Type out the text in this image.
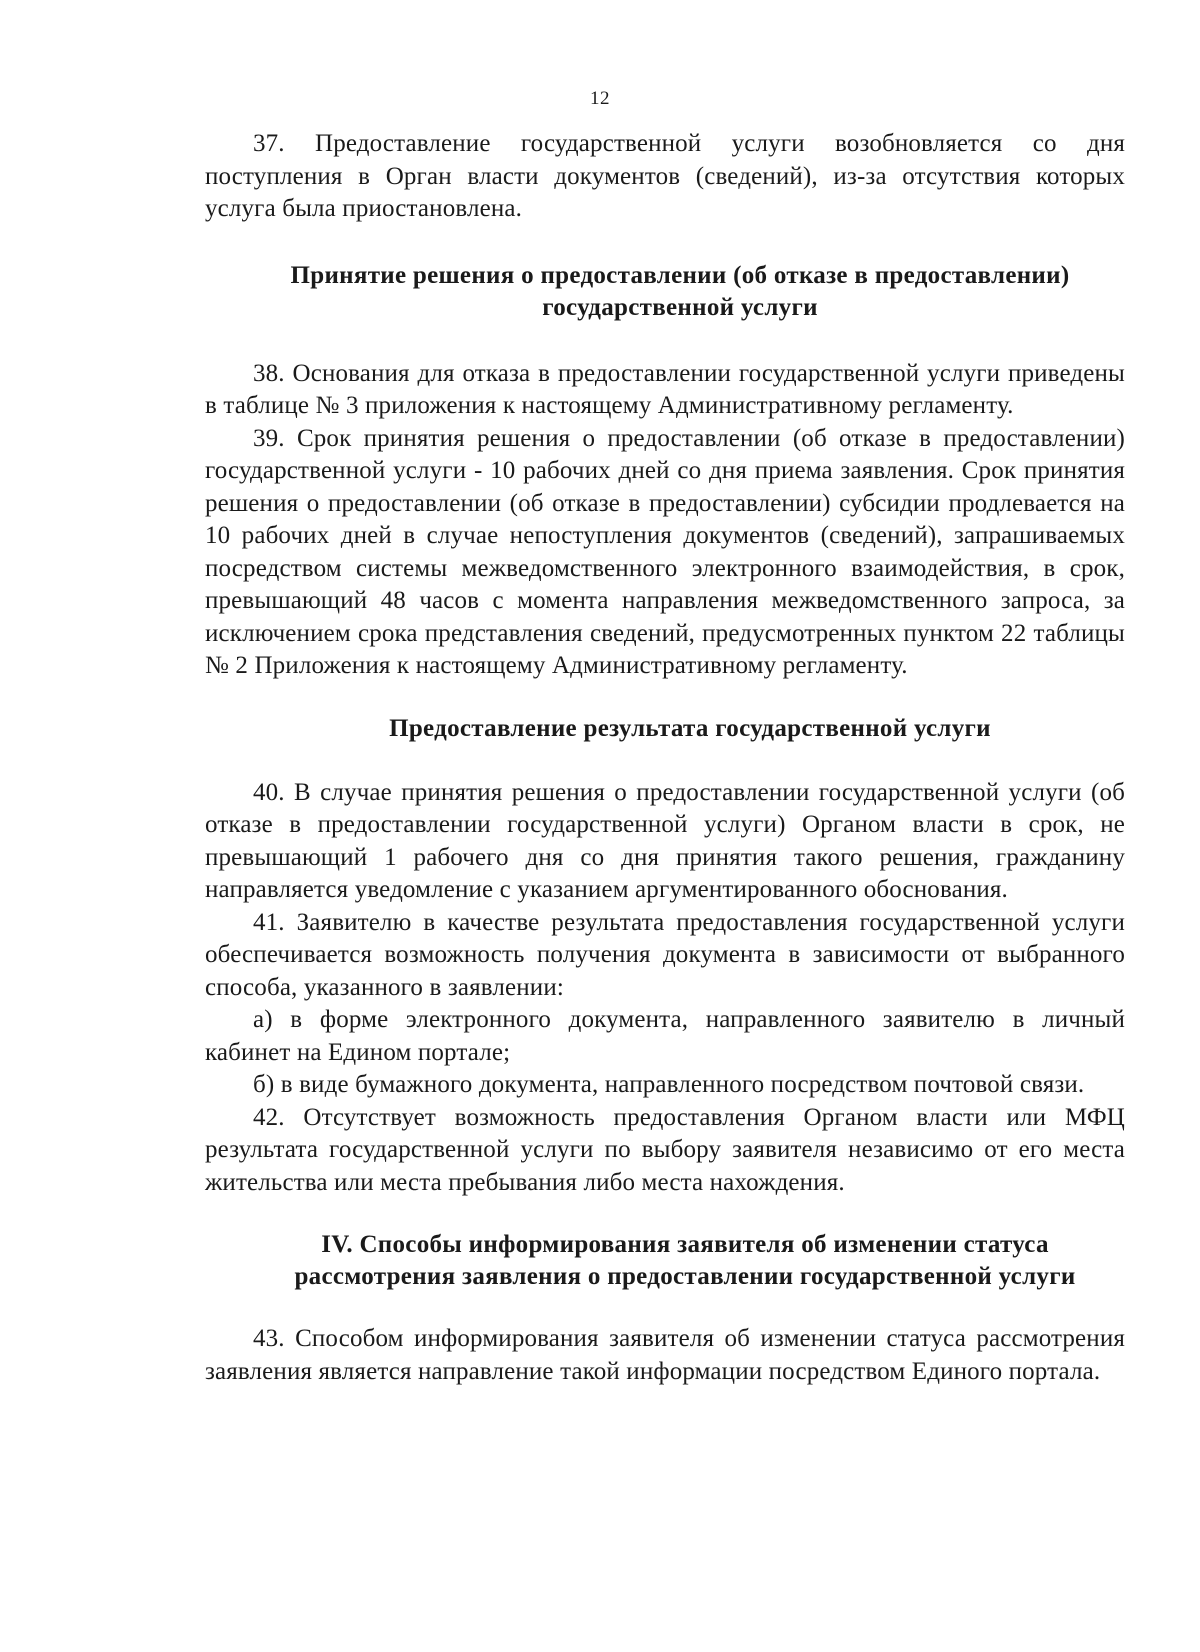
12

37. Предоставление государственной услуги возобновляется со дня поступления в Орган власти документов (сведений), из-за отсутствия которых услуга была приостановлена.

Принятие решения о предоставлении (об отказе в предоставлении) государственной услуги

38. Основания для отказа в предоставлении государственной услуги приведены в таблице № 3 приложения к настоящему Административному регламенту.

39. Срок принятия решения о предоставлении (об отказе в предоставлении) государственной услуги - 10 рабочих дней со дня приема заявления. Срок принятия решения о предоставлении (об отказе в предоставлении) субсидии продлевается на 10 рабочих дней в случае непоступления документов (сведений), запрашиваемых посредством системы межведомственного электронного взаимодействия, в срок, превышающий 48 часов с момента направления межведомственного запроса, за исключением срока представления сведений, предусмотренных пунктом 22 таблицы № 2 Приложения к настоящему Административному регламенту.

Предоставление результата государственной услуги

40. В случае принятия решения о предоставлении государственной услуги (об отказе в предоставлении государственной услуги) Органом власти в срок, не превышающий 1 рабочего дня со дня принятия такого решения, гражданину направляется уведомление с указанием аргументированного обоснования.

41. Заявителю в качестве результата предоставления государственной услуги обеспечивается возможность получения документа в зависимости от выбранного способа, указанного в заявлении:

а) в форме электронного документа, направленного заявителю в личный кабинет на Едином портале;

б) в виде бумажного документа, направленного посредством почтовой связи.

42. Отсутствует возможность предоставления Органом власти или МФЦ результата государственной услуги по выбору заявителя независимо от его места жительства или места пребывания либо места нахождения.

IV. Способы информирования заявителя об изменении статуса рассмотрения заявления о предоставлении государственной услуги

43. Способом информирования заявителя об изменении статуса рассмотрения заявления является направление такой информации посредством Единого портала.
